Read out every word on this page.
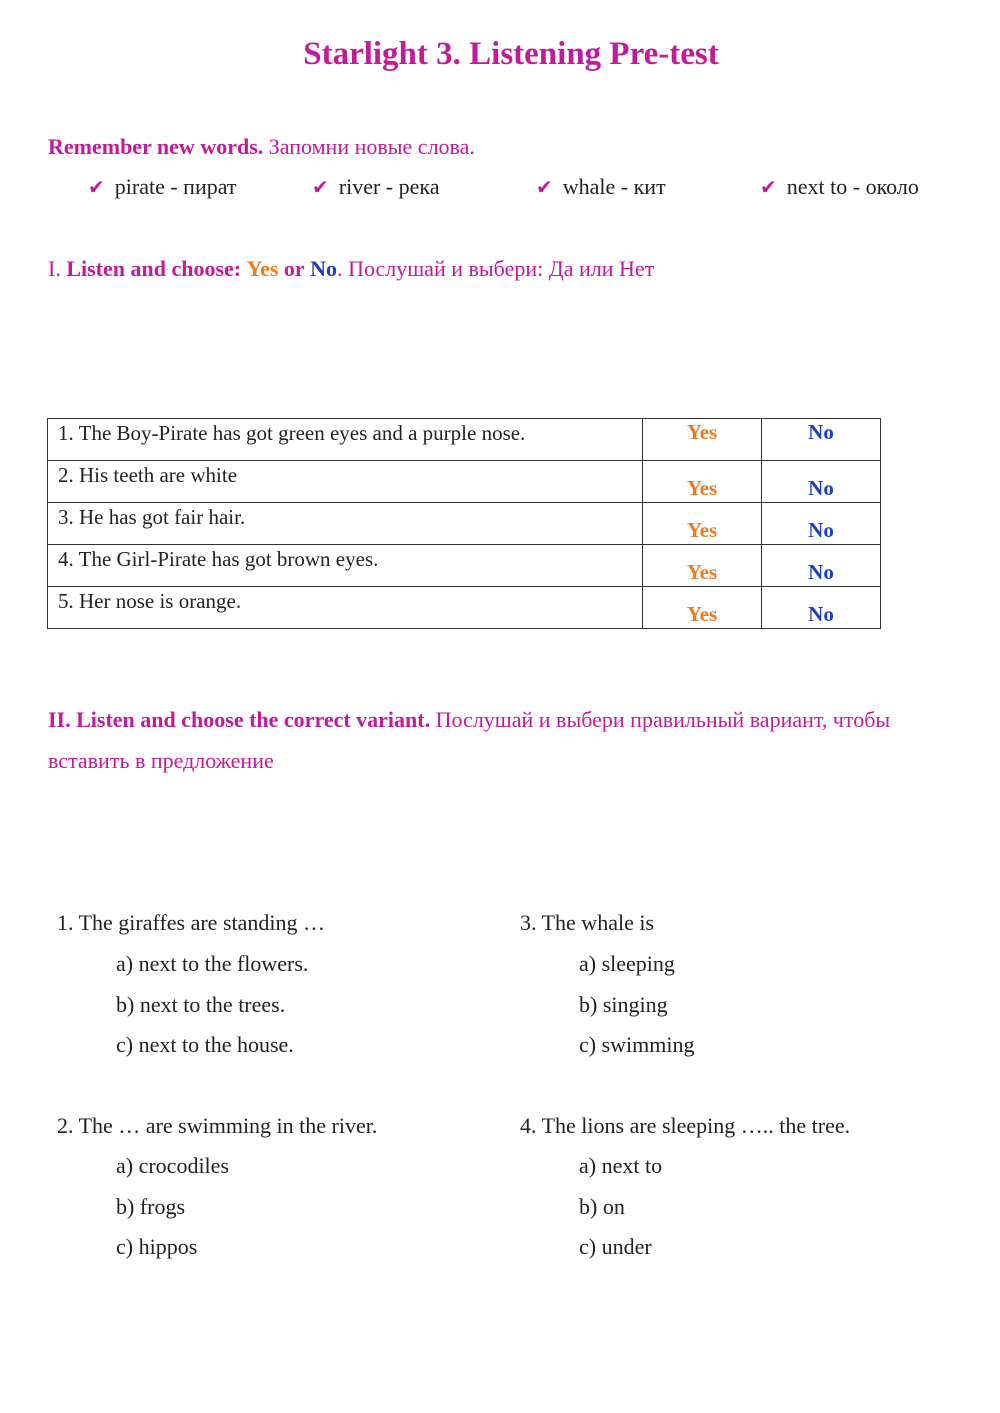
Starlight 3. Listening Pre-test
Remember new words. Запомни новые слова.
✔ pirate - пират	✔ river - река	✔ whale - кит	✔ next to - около
I. Listen and choose: Yes or No. Послушай и выбери: Да или Нет
1. The Boy-Pirate has got green eyes and a purple nose.	Yes	No
2. His teeth are white	Yes	No
3. He has got fair hair.	Yes	No
4. The Girl-Pirate has got brown eyes.	Yes	No
5. Her nose is orange.	Yes	No
II. Listen and choose the correct variant. Послушай и выбери правильный вариант, чтобы
вставить в предложение
1. The giraffes are standing …
a) next to the flowers.
b) next to the trees.
c) next to the house.
2. The … are swimming in the river.
a) crocodiles
b) frogs
c) hippos
3. The whale is
a) sleeping
b) singing
c) swimming
4. The lions are sleeping ….. the tree.
a) next to
b) on
c) under
